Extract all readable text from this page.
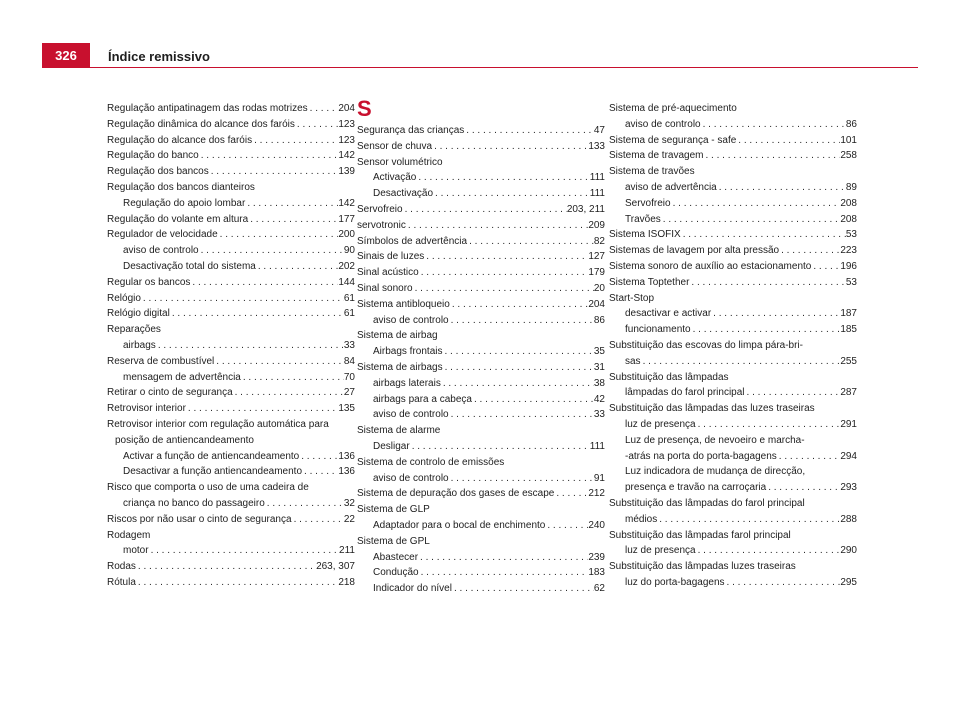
326	Índice remissivo
Regulação antipatinagem das rodas motrizes . . .	204
Regulação dinâmica do alcance dos faróis . . .	123
Regulação do alcance dos faróis . . .	123
Regulação do banco . . .	142
Regulação dos bancos . . .	139
Regulação dos bancos dianteiros
Regulação do apoio lombar . . .	142
Regulação do volante em altura . . .	177
Regulador de velocidade . . .	200
aviso de controlo . . .	90
Desactivação total do sistema . . .	202
Regular os bancos . . .	144
Relógio . . .	61
Relógio digital . . .	61
Reparações
airbags . . .	33
Reserva de combustível . . .	84
mensagem de advertência . . .	70
Retirar o cinto de segurança . . .	27
Retrovisor interior . . .	135
Retrovisor interior com regulação automática para posição de antiencandeamento
Activar a função de antiencandeamento . . .	136
Desactivar a função antiencandeamento . . .	136
Risco que comporta o uso de uma cadeira de
criança no banco do passageiro . . .	32
Riscos por não usar o cinto de segurança . . .	22
Rodagem
motor . . .	211
Rodas . . .	263, 307
Rótula . . .	218
S
Segurança das crianças . . .	47
Sensor de chuva . . .	133
Sensor volumétrico
Activação . . .	111
Desactivação . . .	111
Servofreio . . .	203, 211
servotronic . . .	209
Símbolos de advertência . . .	82
Sinais de luzes . . .	127
Sinal acústico . . .	179
Sinal sonoro . . .	20
Sistema antibloqueio . . .	204
aviso de controlo . . .	86
Sistema de airbag
Airbags frontais . . .	35
Sistema de airbags . . .	31
airbags laterais . . .	38
airbags para a cabeça . . .	42
aviso de controlo . . .	33
Sistema de alarme
Desligar . . .	111
Sistema de controlo de emissões
aviso de controlo . . .	91
Sistema de depuração dos gases de escape . . .	212
Sistema de GLP
Adaptador para o bocal de enchimento . . .	240
Sistema de GPL
Abastecer . . .	239
Condução . . .	183
Indicador do nível . . .	62
Sistema de pré-aquecimento
aviso de controlo . . .	86
Sistema de segurança - safe . . .	101
Sistema de travagem . . .	258
Sistema de travões
aviso de advertência . . .	89
Servofreio . . .	208
Travões . . .	208
Sistema ISOFIX . . .	53
Sistemas de lavagem por alta pressão . . .	223
Sistema sonoro de auxílio ao estacionamento . . .	196
Sistema Toptether . . .	53
Start-Stop
desactivar e activar . . .	187
funcionamento . . .	185
Substituição das escovas do limpa pára-bri-
sas . . .	255
Substituição das lâmpadas
lâmpadas do farol principal . . .	287
Substituição das lâmpadas das luzes traseiras
luz de presença . . .	291
Luz de presença, de nevoeiro e marcha-
-atrás na porta do porta-bagagens . . .	294
Luz indicadora de mudança de direcção,
presença e travão na carroçaria . . .	293
Substituição das lâmpadas do farol principal
médios . . .	288
Substituição das lâmpadas farol principal
luz de presença . . .	290
Substituição das lâmpadas luzes traseiras
luz do porta-bagagens . . .	295
